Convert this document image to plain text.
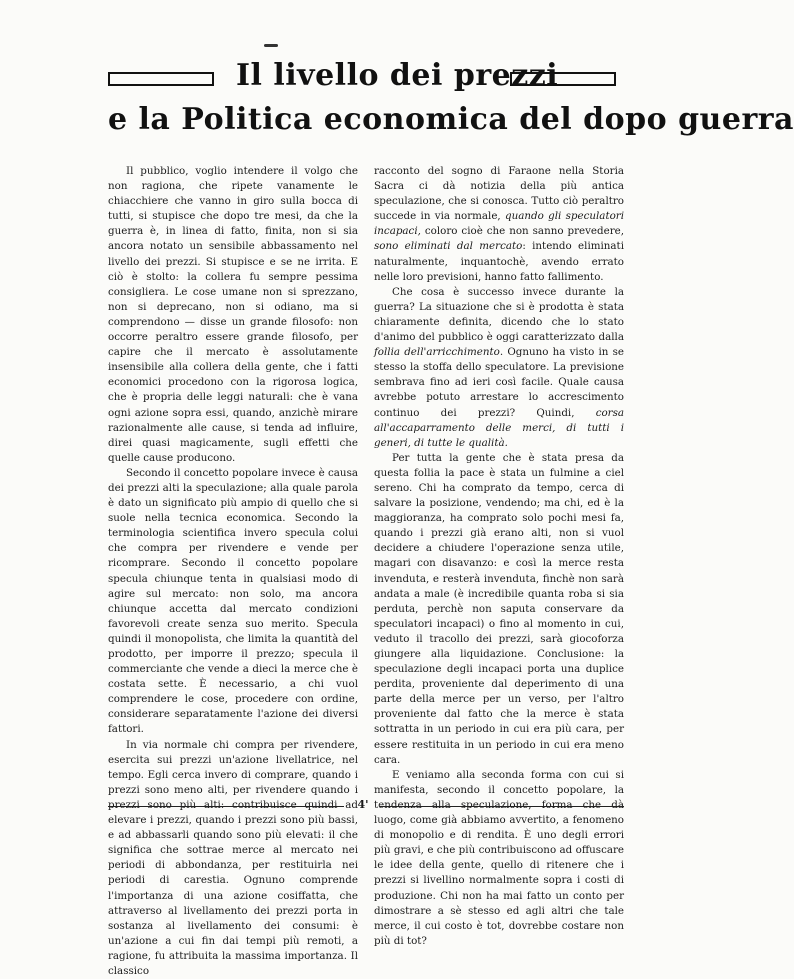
Il livello dei prezzi
e la Politica economica del dopo guerra

Il pubblico, voglio intendere il volgo che non ragiona, che ripete vanamente le chiacchiere che vanno in giro sulla bocca di tutti, si stupisce che dopo tre mesi, da che la guerra è, in linea di fatto, finita, non si sia ancora notato un sensibile abbassamento nel livello dei prezzi. Si stupisce e se ne irrita. E ciò è stolto: la collera fu sempre pessima consigliera. Le cose umane non si sprezzano, non si deprecano, non si odiano, ma si comprendono — disse un grande filosofo: non occorre peraltro essere grande filosofo, per capire che il mercato è assolutamente insensibile alla collera della gente, che i fatti economici procedono con la rigorosa logica, che è propria delle leggi naturali: che è vana ogni azione sopra essi, quando, anzichè mirare razionalmente alle cause, si tenda ad influire, direi quasi magicamente, sugli effetti che quelle cause producono.

Secondo il concetto popolare invece è causa dei prezzi alti la speculazione; alla quale parola è dato un significato più ampio di quello che si suole nella tecnica economica. Secondo la terminologia scientifica invero specula colui che compra per rivendere e vende per ricomprare. Secondo il concetto popolare specula chiunque tenta in qualsiasi modo di agire sul mercato: non solo, ma ancora chiunque accetta dal mercato condizioni favorevoli create senza suo merito. Specula quindi il monopolista, che limita la quantità del prodotto, per imporre il prezzo; specula il commerciante che vende a dieci la merce che è costata sette. È necessario, a chi vuol comprendere le cose, procedere con ordine, considerare separatamente l'azione dei diversi fattori.

In via normale chi compra per rivendere, esercita sui prezzi un'azione livellatrice, nel tempo. Egli cerca invero di comprare, quando i prezzi sono meno alti, per rivendere quando i prezzi sono più alti: contribuisce quindi ad elevare i prezzi, quando i prezzi sono più bassi, e ad abbassarli quando sono più elevati: il che significa che sottrae merce al mercato nei periodi di abbondanza, per restituirla nei periodi di carestia. Ognuno comprende l'importanza di una azione cosiffatta, che attraverso al livellamento dei prezzi porta in sostanza al livellamento dei consumi: è un'azione a cui fin dai tempi più remoti, a ragione, fu attribuita la massima importanza. Il classico

racconto del sogno di Faraone nella Storia Sacra ci dà notizia della più antica speculazione, che si conosca. Tutto ciò peraltro succede in via normale, quando gli speculatori incapaci, coloro cioè che non sanno prevedere, sono eliminati dal mercato: intendo eliminati naturalmente, inquantochè, avendo errato nelle loro previsioni, hanno fatto fallimento.

Che cosa è successo invece durante la guerra? La situazione che si è prodotta è stata chiaramente definita, dicendo che lo stato d'animo del pubblico è oggi caratterizzato dalla follia dell'arricchimento. Ognuno ha visto in se stesso la stoffa dello speculatore. La previsione sembrava fino ad ieri così facile. Quale causa avrebbe potuto arrestare lo accrescimento continuo dei prezzi? Quindi, corsa all'accaparramento delle merci, di tutti i generi, di tutte le qualità.

Per tutta la gente che è stata presa da questa follia la pace è stata un fulmine a ciel sereno. Chi ha comprato da tempo, cerca di salvare la posizione, vendendo; ma chi, ed è la maggioranza, ha comprato solo pochi mesi fa, quando i prezzi già erano alti, non si vuol decidere a chiudere l'operazione senza utile, magari con disavanzo: e così la merce resta invenduta, e resterà invenduta, finchè non sarà andata a male (è incredibile quanta roba si sia perduta, perchè non saputa conservare da speculatori incapaci) o fino al momento in cui, veduto il tracollo dei prezzi, sarà giocoforza giungere alla liquidazione. Conclusione: la speculazione degli incapaci porta una duplice perdita, proveniente dal deperimento di una parte della merce per un verso, per l'altro proveniente dal fatto che la merce è stata sottratta in un periodo in cui era più cara, per essere restituita in un periodo in cui era meno cara.

E veniamo alla seconda forma con cui si manifesta, secondo il concetto popolare, la tendenza alla speculazione, forma che dà luogo, come già abbiamo avvertito, a fenomeno di monopolio e di rendita. È uno degli errori più gravi, e che più contribuiscono ad offuscare le idee della gente, quello di ritenere che i prezzi si livellino normalmente sopra i costi di produzione. Chi non ha mai fatto un conto per dimostrare a sè stesso ed agli altri che tale merce, il cui costo è tot, dovrebbe costare non più di tot?

4'
